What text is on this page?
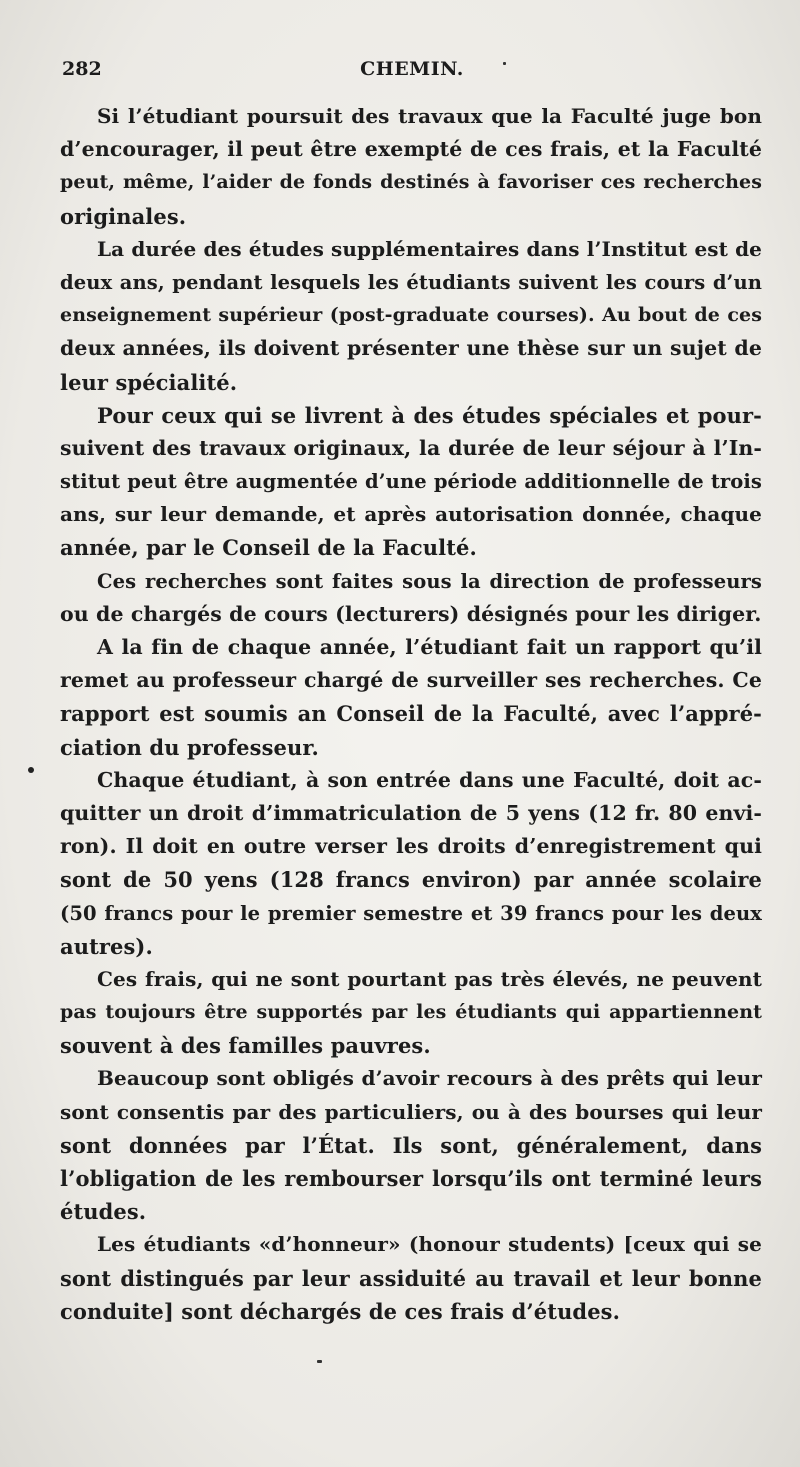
282	CHEMIN.
Si l’étudiant poursuit des travaux que la Faculté juge bon
d’encourager, il peut être exempté de ces frais, et la Faculté
peut, même, l’aider de fonds destinés à favoriser ces recherches
originales.
La durée des études supplémentaires dans l’Institut est de
deux ans, pendant lesquels les étudiants suivent les cours d’un
enseignement supérieur (post-graduate courses). Au bout de ces
deux années, ils doivent présenter une thèse sur un sujet de
leur spécialité.
Pour ceux qui se livrent à des études spéciales et pour-
suivent des travaux originaux, la durée de leur séjour à l’In-
stitut peut être augmentée d’une période additionnelle de trois
ans, sur leur demande, et après autorisation donnée, chaque
année, par le Conseil de la Faculté.
Ces recherches sont faites sous la direction de professeurs
ou de chargés de cours (lecturers) désignés pour les diriger.
A la fin de chaque année, l’étudiant fait un rapport qu’il
remet au professeur chargé de surveiller ses recherches. Ce
rapport est soumis an Conseil de la Faculté, avec l’appré-
ciation du professeur.
Chaque étudiant, à son entrée dans une Faculté, doit ac-
quitter un droit d’immatriculation de 5 yens (12 fr. 80 envi-
ron). Il doit en outre verser les droits d’enregistrement qui
sont de 50 yens (128 francs environ) par année scolaire
(50 francs pour le premier semestre et 39 francs pour les deux
autres).
Ces frais, qui ne sont pourtant pas très élevés, ne peuvent
pas toujours être supportés par les étudiants qui appartiennent
souvent à des familles pauvres.
Beaucoup sont obligés d’avoir recours à des prêts qui leur
sont consentis par des particuliers, ou à des bourses qui leur
sont données par l’État. Ils sont, généralement, dans
l’obligation de les rembourser lorsqu’ils ont terminé leurs
études.
Les étudiants «d’honneur» (honour students) [ceux qui se
sont distingués par leur assiduité au travail et leur bonne
conduite] sont déchargés de ces frais d’études.
